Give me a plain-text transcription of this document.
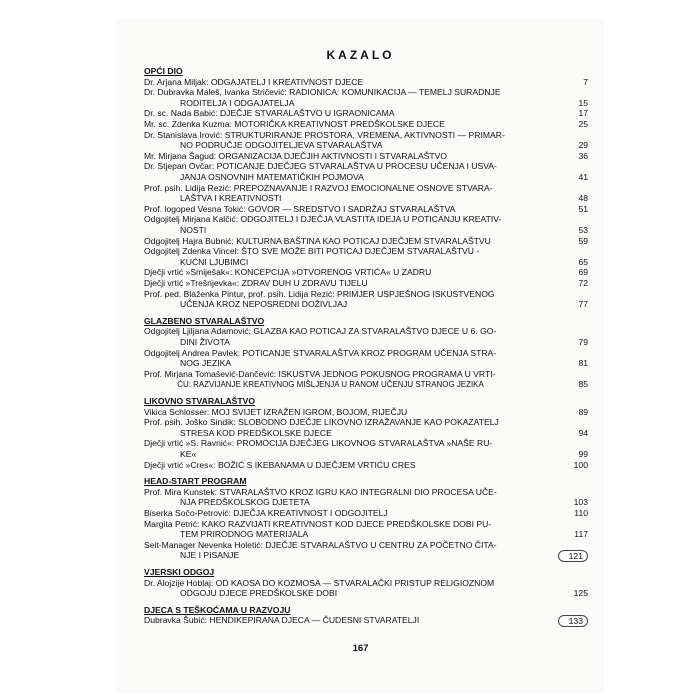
KAZALO
OPĆI DIO
Dr. Arjana Miljak: ODGAJATELJ I KREATIVNOST DJECE
Dr. Dubravka Maleš, Ivanka Stričević: RADIONICA: KOMUNIKACIJA — TEMELJ SURADNJE
RODITELJA I ODGAJATELJA
Dr. sc. Nada Babić: DJEČJE STVARALAŠTVO U IGRAONICAMA
Mr. sc. Zdenka Kuzma: MOTORIČKA KREATIVNOST PREDŠKOLSKE DJECE
Dr. Stanislava Irović: STRUKTURIRANJE PROSTORA, VREMENA, AKTIVNOSTI — PRIMAR-
NO PODRUČJE ODGOJITELJEVA STVARALAŠTVA
Mr. Mirjana Šagud: ORGANIZACIJA DJEČJIH AKTIVNOSTI I STVARALAŠTVO
Dr. Stjepan Ovčar: POTICANJE DJEČJEG STVARALAŠTVA U PROCESU UČENJA I USVA-
JANJA OSNOVNIH MATEMATIČKIH POJMOVA
Prof. psih. Lidija Rezić: PREPOZNAVANJE I RAZVOJ EMOCIONALNE OSNOVE STVARA-
LAŠTVA I KREATIVNOSTI
Prof. logoped Vesna Tokić: GOVOR — SREDSTVO I SADRŽAJ STVARALAŠTVA
Odgojitelj Mirjana Kalčić: ODGOJITELJ I DJEČJA VLASTITA IDEJA U POTICANJU KREATIV-
NOSTI
Odgojitelj Hajra Bubnić: KULTURNA BAŠTINA KAO POTICAJ DJEČJEM STVARALAŠTVU
Odgojitelj Zdenka Vincel: ŠTO SVE MOŽE BITI POTICAJ DJEČJEM STVARALAŠTVU -
KUĆNI LJUBIMCI
Dječji vrtić »Smiješak«: KONCEPCIJA »OTVORENOG VRTIĆA« U ZADRU
Dječji vrtić »Trešnjevka«: ZDRAV DUH U ZDRAVU TIJELU
Prof. ped. Blaženka Pintur, prof. psih. Lidija Rezić: PRIMJER USPJEŠNOG ISKUSTVENOG
UČENJA KROZ NEPOSREDNI DOŽIVLJAJ
GLAZBENO STVARALAŠTVO
Odgojitelj Ljiljana Adamović: GLAZBA KAO POTICAJ ZA STVARALAŠTVO DJECE U 6. GO-
DINI ŽIVOTA
Odgojitelj Andrea Pavlek: POTICANJE STVARALAŠTVA KROZ PROGRAM UČENJA STRA-
NOG JEZIKA
Prof. Mirjana Tomašević-Dančević: ISKUSTVA JEDNOG POKUSNOG PROGRAMA U VRTI-
ĆU: RAZVIJANJE KREATIVNOG MIŠLJENJA U RANOM UČENJU STRANOG JEZIKA
LIKOVNO STVARALAŠTVO
Vikica Schlosser: MOJ SVIJET IZRAŽEN IGROM, BOJOM, RIJEČJU
Prof. psih. Joško Sindik: SLOBODNO DJEČJE LIKOVNO IZRAŽAVANJE KAO POKAZATELJ
STRESA KOD PREDŠKOLSKE DJECE
Dječji vrtić »S. Ravnić«: PROMOCIJA DJEČJEG LIKOVNOG STVARALAŠTVA »NAŠE RU-
KE«
Dječji vrtić »Cres«: BOŽIĆ S IKEBANAMA U DJEČJEM VRTIĆU CRES
HEAD-START PROGRAM
Prof. Mira Kunstek: STVARALAŠTVO KROZ IGRU KAO INTEGRALNI DIO PROCESA UČE-
NJA PREDŠKOLSKOG DJETETA
Biserka Sočo-Petrović: DJEČJA KREATIVNOST I ODGOJITELJ
Margita Petrić: KAKO RAZVIJATI KREATIVNOST KOD DJECE PREDŠKOLSKE DOBI PU-
TEM PRIRODNOG MATERIJALA
Seit-Manager Nevenka Holetić: DJEČJE STVARALAŠTVO U CENTRU ZA POČETNO ČITA-
NJE I PISANJE
VJERSKI ODGOJ
Dr. Alojzije Hoblaj: OD KAOSA DO KOZMOSA — STVARALAČKI PRISTUP RELIGIOZNOM
ODGOJU DJECE PREDŠKOLSKE DOBI
DJECA S TEŠKOĆAMA U RAZVOJU
Dubravka Šubić: HENDIKEPIRANA DJECA — ČUDESNI STVARATELJI
7
15
17
25
29
36
41
48
51
53
59
65
69
72
77
79
81
85
89
94
99
100
103
110
117
121
125
133
167
